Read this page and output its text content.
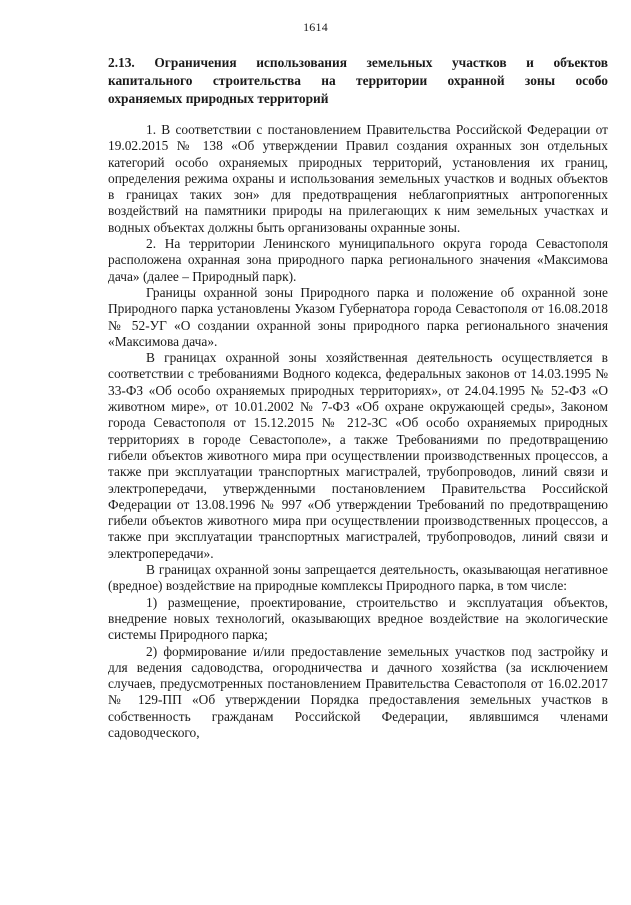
1614
2.13. Ограничения использования земельных участков и объектов
капитального строительства на территории охранной зоны особо
охраняемых природных территорий

1. В соответствии с постановлением Правительства Российской Федерации от 19.02.2015 № 138 «Об утверждении Правил создания охранных зон отдельных категорий особо охраняемых природных территорий, установления их границ, определения режима охраны и использования земельных участков и водных объектов в границах таких зон» для предотвращения неблагоприятных антропогенных воздействий на памятники природы на прилегающих к ним земельных участках и водных объектах должны быть организованы охранные зоны.

2. На территории Ленинского муниципального округа города Севастополя расположена охранная зона природного парка регионального значения «Максимова дача» (далее – Природный парк).

Границы охранной зоны Природного парка и положение об охранной зоне Природного парка установлены Указом Губернатора города Севастополя от 16.08.2018 № 52-УГ «О создании охранной зоны природного парка регионального значения «Максимова дача».

В границах охранной зоны хозяйственная деятельность осуществляется в соответствии с требованиями Водного кодекса, федеральных законов от 14.03.1995 № 33-ФЗ «Об особо охраняемых природных территориях», от 24.04.1995 № 52-ФЗ «О животном мире», от 10.01.2002 № 7-ФЗ «Об охране окружающей среды», Законом города Севастополя от 15.12.2015 № 212-ЗС «Об особо охраняемых природных территориях в городе Севастополе», а также Требованиями по предотвращению гибели объектов животного мира при осуществлении производственных процессов, а также при эксплуатации транспортных магистралей, трубопроводов, линий связи и электропередачи, утвержденными постановлением Правительства Российской Федерации от 13.08.1996 № 997 «Об утверждении Требований по предотвращению гибели объектов животного мира при осуществлении производственных процессов, а также при эксплуатации транспортных магистралей, трубопроводов, линий связи и электропередачи».

В границах охранной зоны запрещается деятельность, оказывающая негативное (вредное) воздействие на природные комплексы Природного парка, в том числе:

1) размещение, проектирование, строительство и эксплуатация объектов, внедрение новых технологий, оказывающих вредное воздействие на экологические системы Природного парка;

2) формирование и/или предоставление земельных участков под застройку и для ведения садоводства, огородничества и дачного хозяйства (за исключением случаев, предусмотренных постановлением Правительства Севастополя от 16.02.2017 № 129-ПП «Об утверждении Порядка предоставления земельных участков в собственность гражданам Российской Федерации, являвшимся членами садоводческого,
